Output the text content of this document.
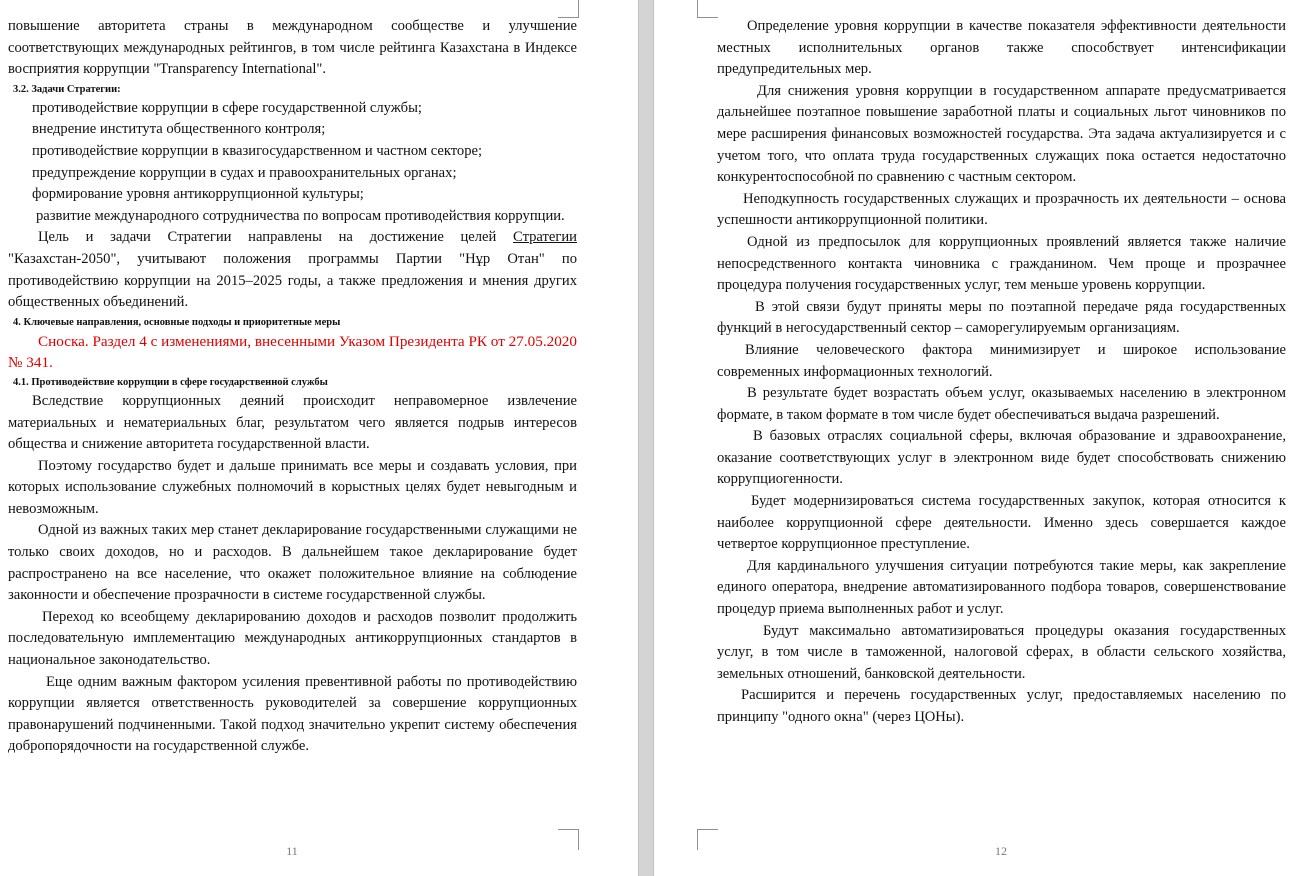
повышение авторитета страны в международном сообществе и улучшение соответствующих международных рейтингов, в том числе рейтинга Казахстана в Индексе восприятия коррупции "Transparency International".

3.2. Задачи Стратегии:

противодействие коррупции в сфере государственной службы;

внедрение института общественного контроля;

противодействие коррупции в квазигосударственном и частном секторе;

предупреждение коррупции в судах и правоохранительных органах;

формирование уровня антикоррупционной культуры;

развитие международного сотрудничества по вопросам противодействия коррупции.

Цель и задачи Стратегии направлены на достижение целей Стратегии "Казахстан-2050", учитывают положения программы Партии "Нұр Отан" по противодействию коррупции на 2015–2025 годы, а также предложения и мнения других общественных объединений.

4. Ключевые направления, основные подходы и приоритетные меры

Сноска. Раздел 4 с изменениями, внесенными Указом Президента РК от 27.05.2020 № 341.

4.1. Противодействие коррупции в сфере государственной службы

Вследствие коррупционных деяний происходит неправомерное извлечение материальных и нематериальных благ, результатом чего является подрыв интересов общества и снижение авторитета государственной власти.

Поэтому государство будет и дальше принимать все меры и создавать условия, при которых использование служебных полномочий в корыстных целях будет невыгодным и невозможным.

Одной из важных таких мер станет декларирование государственными служащими не только своих доходов, но и расходов. В дальнейшем такое декларирование будет распространено на все население, что окажет положительное влияние на соблюдение законности и обеспечение прозрачности в системе государственной службы.

Переход ко всеобщему декларированию доходов и расходов позволит продолжить последовательную имплементацию международных антикоррупционных стандартов в национальное законодательство.

Еще одним важным фактором усиления превентивной работы по противодействию коррупции является ответственность руководителей за совершение коррупционных правонарушений подчиненными. Такой подход значительно укрепит систему обеспечения добропорядочности на государственной службе.

11

Определение уровня коррупции в качестве показателя эффективности деятельности местных исполнительных органов также способствует интенсификации предупредительных мер.

Для снижения уровня коррупции в государственном аппарате предусматривается дальнейшее поэтапное повышение заработной платы и социальных льгот чиновников по мере расширения финансовых возможностей государства. Эта задача актуализируется и с учетом того, что оплата труда государственных служащих пока остается недостаточно конкурентоспособной по сравнению с частным сектором.

Неподкупность государственных служащих и прозрачность их деятельности – основа успешности антикоррупционной политики.

Одной из предпосылок для коррупционных проявлений является также наличие непосредственного контакта чиновника с гражданином. Чем проще и прозрачнее процедура получения государственных услуг, тем меньше уровень коррупции.

В этой связи будут приняты меры по поэтапной передаче ряда государственных функций в негосударственный сектор – саморегулируемым организациям.

Влияние человеческого фактора минимизирует и широкое использование современных информационных технологий.

В результате будет возрастать объем услуг, оказываемых населению в электронном формате, в таком формате в том числе будет обеспечиваться выдача разрешений.

В базовых отраслях социальной сферы, включая образование и здравоохранение, оказание соответствующих услуг в электронном виде будет способствовать снижению коррупциогенности.

Будет модернизироваться система государственных закупок, которая относится к наиболее коррупционной сфере деятельности. Именно здесь совершается каждое четвертое коррупционное преступление.

Для кардинального улучшения ситуации потребуются такие меры, как закрепление единого оператора, внедрение автоматизированного подбора товаров, совершенствование процедур приема выполненных работ и услуг.

Будут максимально автоматизироваться процедуры оказания государственных услуг, в том числе в таможенной, налоговой сферах, в области сельского хозяйства, земельных отношений, банковской деятельности.

Расширится и перечень государственных услуг, предоставляемых населению по принципу "одного окна" (через ЦОНы).

12
